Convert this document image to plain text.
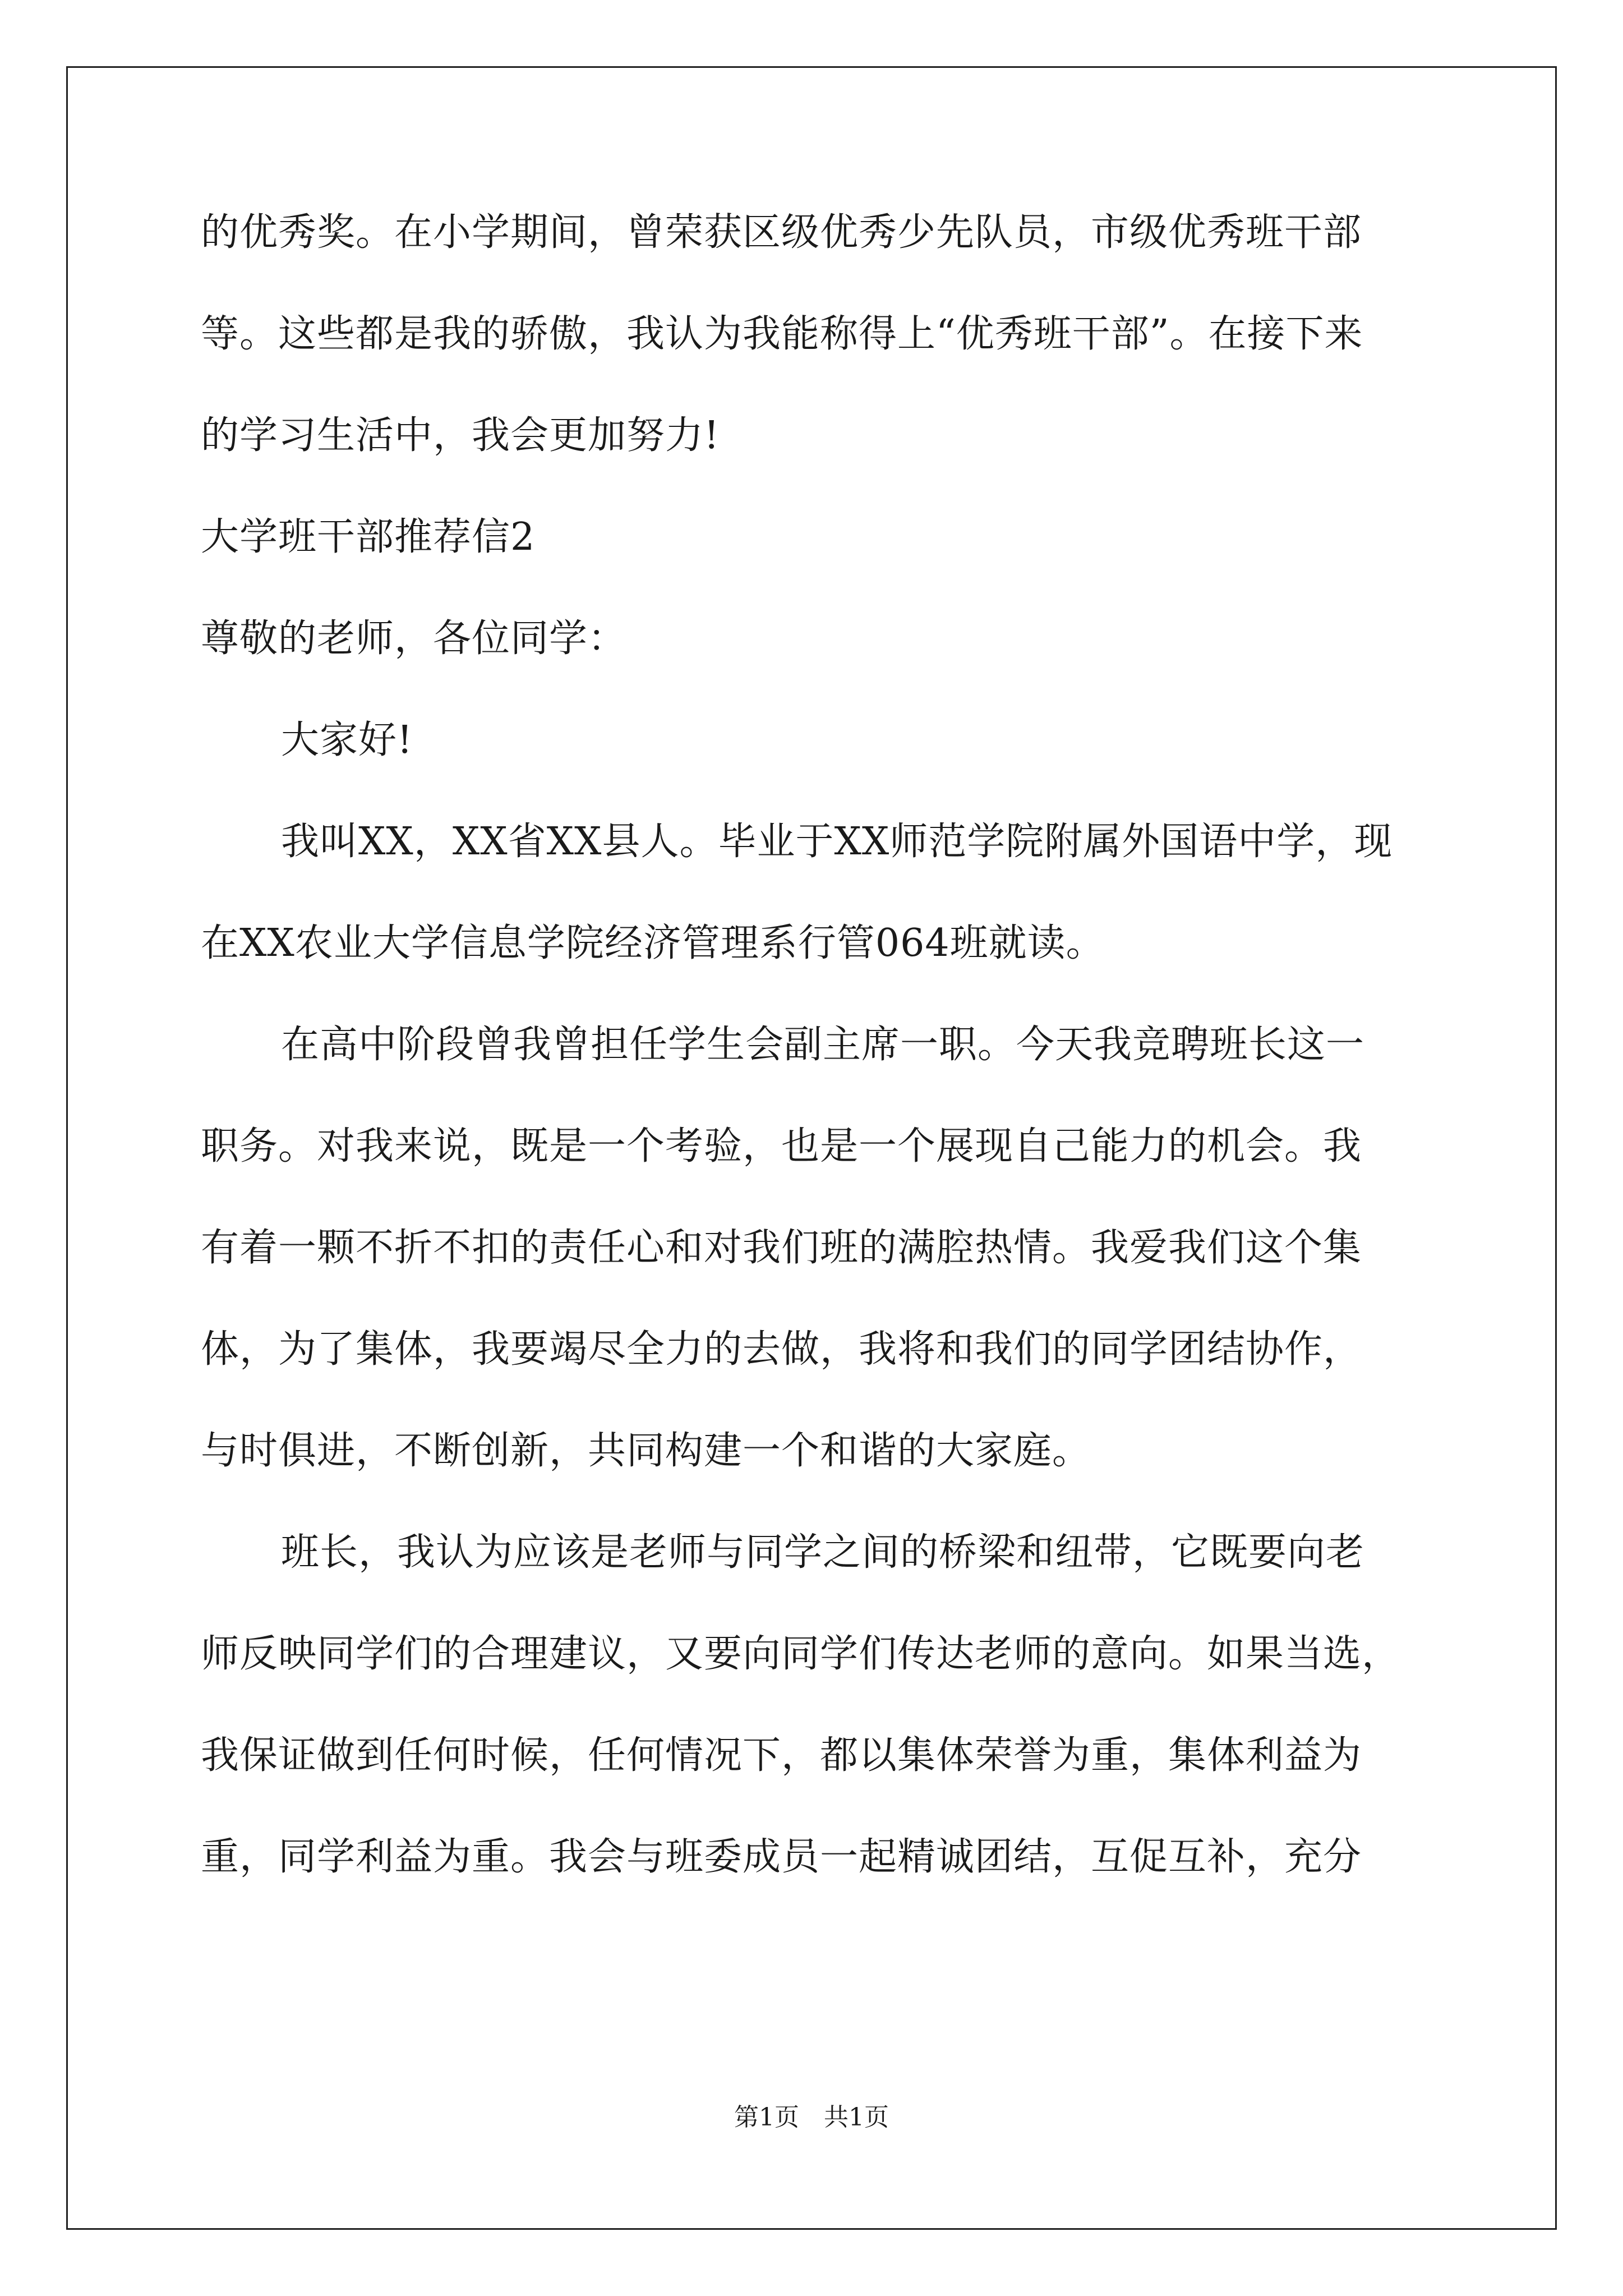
的优秀奖。在小学期间，曾荣获区级优秀少先队员，市级优秀班干部
等。这些都是我的骄傲，我认为我能称得上“优秀班干部”。在接下来
的学习生活中，我会更加努力!
大学班干部推荐信2
尊敬的老师，各位同学：
大家好!
我叫XX，XX省XX县人。毕业于XX师范学院附属外国语中学，现
在XX农业大学信息学院经济管理系行管064班就读。
在高中阶段曾我曾担任学生会副主席一职。今天我竞聘班长这一
职务。对我来说，既是一个考验，也是一个展现自己能力的机会。我
有着一颗不折不扣的责任心和对我们班的满腔热情。我爱我们这个集
体，为了集体，我要竭尽全力的去做，我将和我们的同学团结协作，
与时俱进，不断创新，共同构建一个和谐的大家庭。
班长，我认为应该是老师与同学之间的桥梁和纽带，它既要向老
师反映同学们的合理建议，又要向同学们传达老师的意向。如果当选，
我保证做到任何时候，任何情况下，都以集体荣誉为重，集体利益为
重，同学利益为重。我会与班委成员一起精诚团结，互促互补，充分
第1页　共1页
